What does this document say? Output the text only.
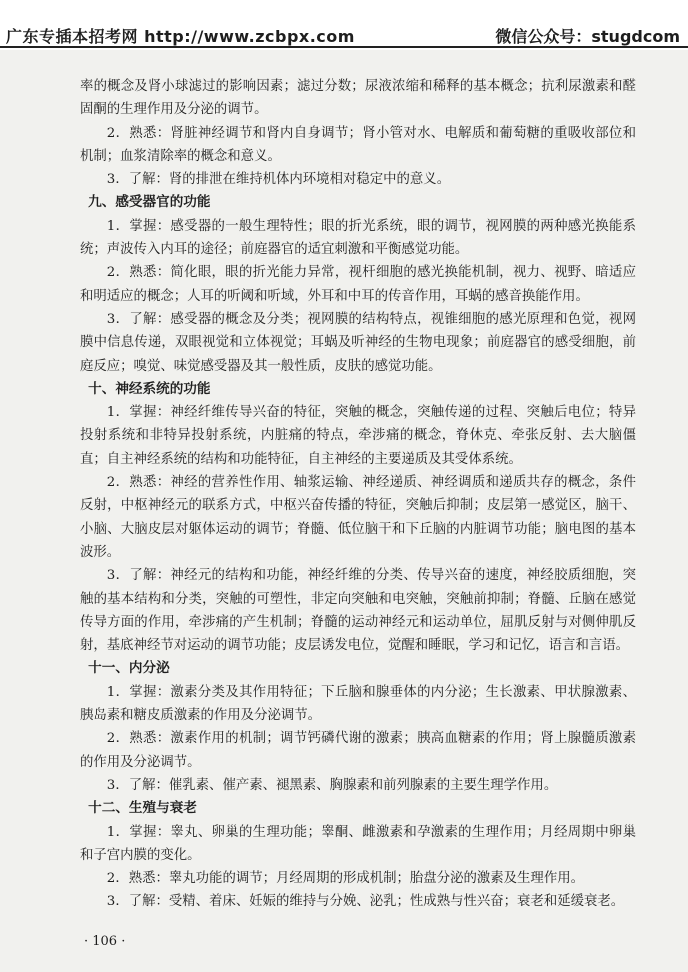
广东专插本招考网 http://www.zcbpx.com	微信公众号：stugdcom

率的概念及肾小球滤过的影响因素；滤过分数；尿液浓缩和稀释的基本概念；抗利尿激素和醛固酮的生理作用及分泌的调节。

2．熟悉：肾脏神经调节和肾内自身调节；肾小管对水、电解质和葡萄糖的重吸收部位和机制；血浆清除率的概念和意义。

3．了解：肾的排泄在维持机体内环境相对稳定中的意义。

九、感受器官的功能

1．掌握：感受器的一般生理特性；眼的折光系统，眼的调节，视网膜的两种感光换能系统；声波传入内耳的途径；前庭器官的适宜刺激和平衡感觉功能。

2．熟悉：简化眼，眼的折光能力异常，视杆细胞的感光换能机制，视力、视野、暗适应和明适应的概念；人耳的听阈和听域，外耳和中耳的传音作用，耳蜗的感音换能作用。

3．了解：感受器的概念及分类；视网膜的结构特点，视锥细胞的感光原理和色觉，视网膜中信息传递，双眼视觉和立体视觉；耳蜗及听神经的生物电现象；前庭器官的感受细胞，前庭反应；嗅觉、味觉感受器及其一般性质，皮肤的感觉功能。

十、神经系统的功能

1．掌握：神经纤维传导兴奋的特征，突触的概念，突触传递的过程、突触后电位；特异投射系统和非特异投射系统，内脏痛的特点，牵涉痛的概念，脊休克、牵张反射、去大脑僵直；自主神经系统的结构和功能特征，自主神经的主要递质及其受体系统。

2．熟悉：神经的营养性作用、轴浆运输、神经递质、神经调质和递质共存的概念，条件反射，中枢神经元的联系方式，中枢兴奋传播的特征，突触后抑制；皮层第一感觉区，脑干、小脑、大脑皮层对躯体运动的调节；脊髓、低位脑干和下丘脑的内脏调节功能；脑电图的基本波形。

3．了解：神经元的结构和功能，神经纤维的分类、传导兴奋的速度，神经胶质细胞，突触的基本结构和分类，突触的可塑性，非定向突触和电突触，突触前抑制；脊髓、丘脑在感觉传导方面的作用，牵涉痛的产生机制；脊髓的运动神经元和运动单位，屈肌反射与对侧伸肌反射，基底神经节对运动的调节功能；皮层诱发电位，觉醒和睡眠，学习和记忆，语言和言语。

十一、内分泌

1．掌握：激素分类及其作用特征；下丘脑和腺垂体的内分泌；生长激素、甲状腺激素、胰岛素和糖皮质激素的作用及分泌调节。

2．熟悉：激素作用的机制；调节钙磷代谢的激素；胰高血糖素的作用；肾上腺髓质激素的作用及分泌调节。

3．了解：催乳素、催产素、褪黑素、胸腺素和前列腺素的主要生理学作用。

十二、生殖与衰老

1．掌握：睾丸、卵巢的生理功能；睾酮、雌激素和孕激素的生理作用；月经周期中卵巢和子宫内膜的变化。

2．熟悉：睾丸功能的调节；月经周期的形成机制；胎盘分泌的激素及生理作用。

3．了解：受精、着床、妊娠的维持与分娩、泌乳；性成熟与性兴奋；衰老和延缓衰老。

· 106 ·
